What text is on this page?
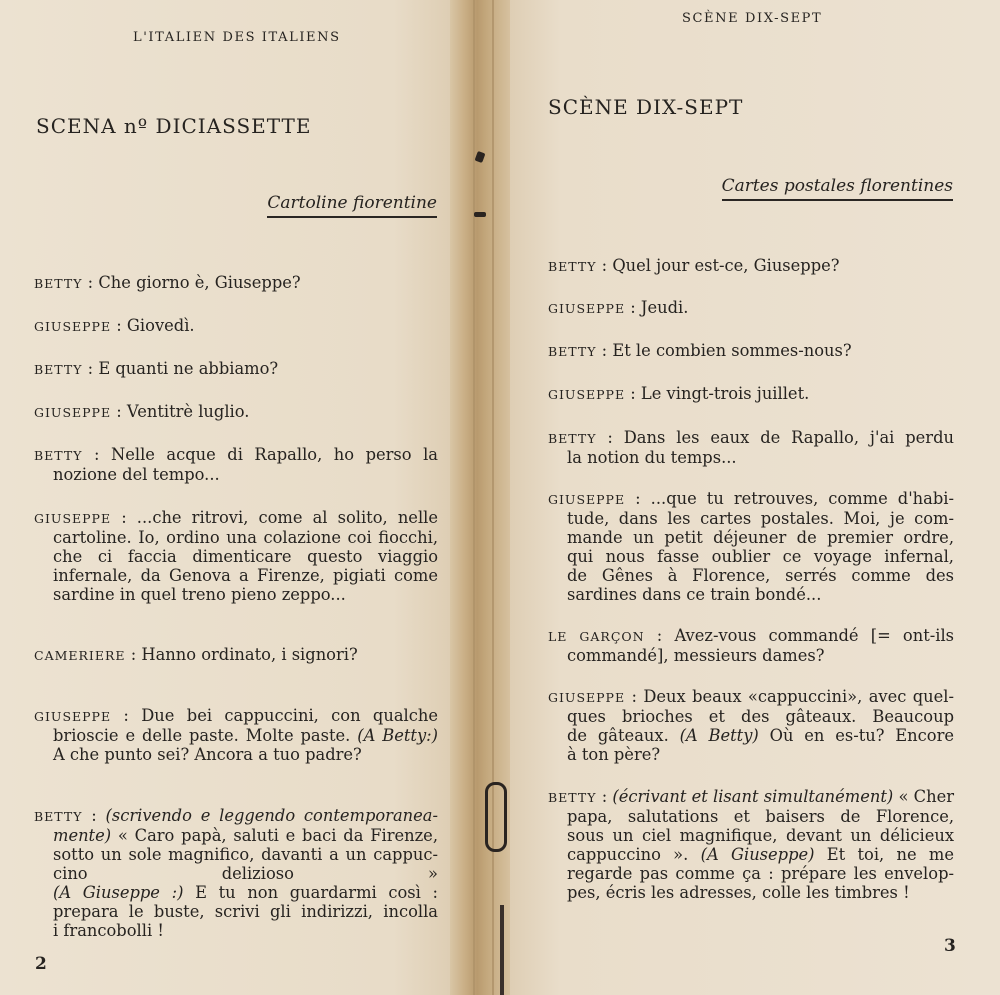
L'ITALIEN DES ITALIENS
SCENA nº DICIASSETTE
Cartoline fiorentine
BETTY : Che giorno è, Giuseppe?
GIUSEPPE : Giovedì.
BETTY : E quanti ne abbiamo?
GIUSEPPE : Ventitrè luglio.
BETTY : Nelle acque di Rapallo, ho perso la
nozione del tempo...
GIUSEPPE : ...che ritrovi, come al solito, nelle
cartoline. Io, ordino una colazione coi fiocchi,
che ci faccia dimenticare questo viaggio
infernale, da Genova a Firenze, pigiati come
sardine in quel treno pieno zeppo...
CAMERIERE : Hanno ordinato, i signori?
GIUSEPPE : Due bei cappuccini, con qualche
brioscie e delle paste. Molte paste. (A Betty:)
A che punto sei? Ancora a tuo padre?
BETTY : (scrivendo e leggendo contemporanea-
mente) « Caro papà, saluti e baci da Firenze,
sotto un sole magnifico, davanti a un cappuc-
cino delizioso »
(A Giuseppe :) E tu non guardarmi così :
prepara le buste, scrivi gli indirizzi, incolla
i francobolli !
2
SCÈNE DIX-SEPT
SCÈNE DIX-SEPT
Cartes postales florentines
BETTY : Quel jour est-ce, Giuseppe?
GIUSEPPE : Jeudi.
BETTY : Et le combien sommes-nous?
GIUSEPPE : Le vingt-trois juillet.
BETTY : Dans les eaux de Rapallo, j'ai perdu
la notion du temps...
GIUSEPPE : ...que tu retrouves, comme d'habi-
tude, dans les cartes postales. Moi, je com-
mande un petit déjeuner de premier ordre,
qui nous fasse oublier ce voyage infernal,
de Gênes à Florence, serrés comme des
sardines dans ce train bondé...
LE GARÇON : Avez-vous commandé [= ont-ils
commandé], messieurs dames?
GIUSEPPE : Deux beaux «cappuccini», avec quel-
ques brioches et des gâteaux. Beaucoup
de gâteaux. (A Betty) Où en es-tu? Encore
à ton père?
BETTY : (écrivant et lisant simultanément) « Cher
papa, salutations et baisers de Florence,
sous un ciel magnifique, devant un délicieux
cappuccino ». (A Giuseppe) Et toi, ne me
regarde pas comme ça : prépare les envelop-
pes, écris les adresses, colle les timbres !
3
